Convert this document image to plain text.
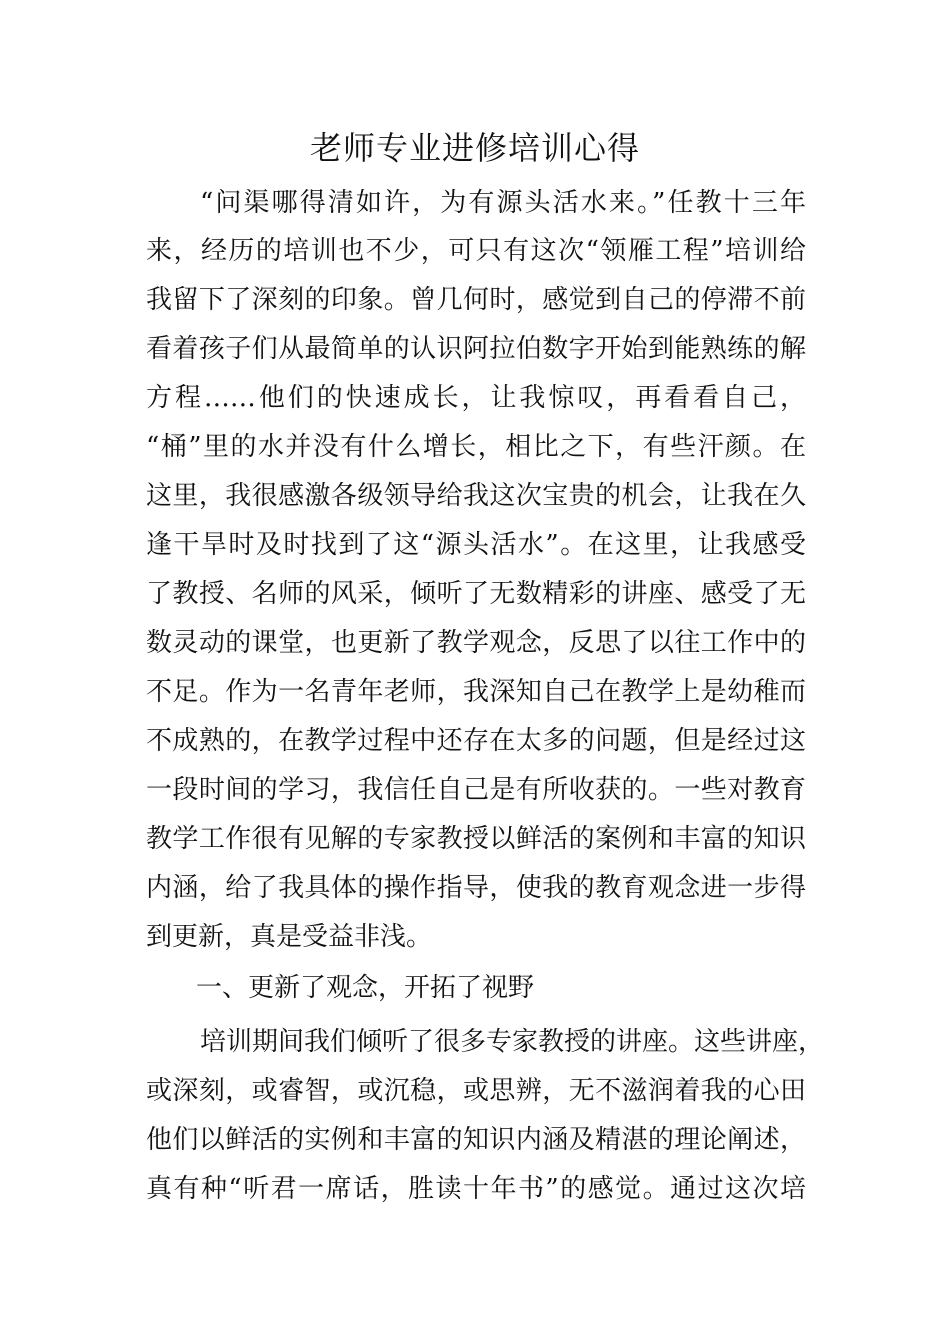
老师专业进修培训心得

“问渠哪得清如许，为有源头活水来。”任教十三年

来，经历的培训也不少，可只有这次“领雁工程”培训给

我留下了深刻的印象。曾几何时，感觉到自己的停滞不前

看着孩子们从最简单的认识阿拉伯数字开始到能熟练的解

方程……他们的快速成长，让我惊叹，再看看自己，

“桶”里的水并没有什么增长，相比之下，有些汗颜。在

这里，我很感激各级领导给我这次宝贵的机会，让我在久

逢干旱时及时找到了这“源头活水”。在这里，让我感受

了教授、名师的风采，倾听了无数精彩的讲座、感受了无

数灵动的课堂，也更新了教学观念，反思了以往工作中的

不足。作为一名青年老师，我深知自己在教学上是幼稚而

不成熟的，在教学过程中还存在太多的问题，但是经过这

一段时间的学习，我信任自己是有所收获的。一些对教育

教学工作很有见解的专家教授以鲜活的案例和丰富的知识

内涵，给了我具体的操作指导，使我的教育观念进一步得

到更新，真是受益非浅。

一、更新了观念，开拓了视野

培训期间我们倾听了很多专家教授的讲座。这些讲座，

或深刻，或睿智，或沉稳，或思辨，无不滋润着我的心田

他们以鲜活的实例和丰富的知识内涵及精湛的理论阐述，

真有种“听君一席话，胜读十年书”的感觉。通过这次培
